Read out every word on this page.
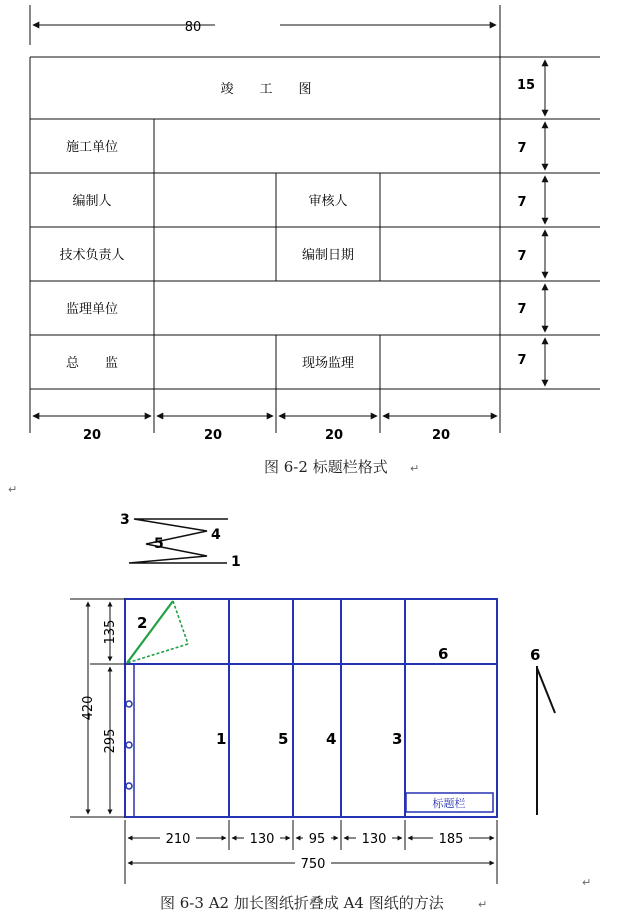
80
竣　　工　　图
施工单位
编制人	审核人
技术负责人	编制日期
监理单位
总　　监	现场监理
15
7
7
7
7
7
20	20	20	20
图 6-2 标题栏格式 ↵
↵
3
4
5
1
2
1	5	4	3
6
标题栏
6
420
135
295
210	130	95	130	185
750
↵
图 6-3 A2 加长图纸折叠成 A4 图纸的方法	↵
